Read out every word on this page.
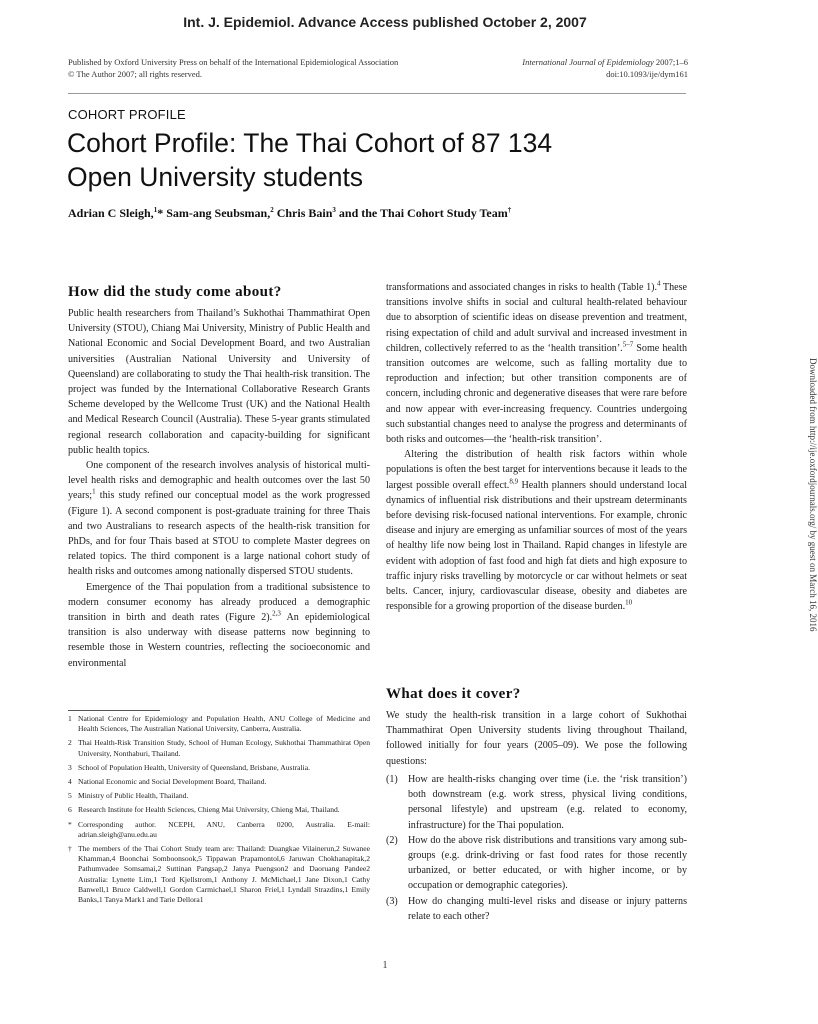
Int. J. Epidemiol. Advance Access published October 2, 2007
Published by Oxford University Press on behalf of the International Epidemiological Association
© The Author 2007; all rights reserved.
International Journal of Epidemiology 2007;1–6
doi:10.1093/ije/dym161
COHORT PROFILE
Cohort Profile: The Thai Cohort of 87 134
Open University students
Adrian C Sleigh,$^1$* Sam-ang Seubsman,$^2$ Chris Bain$^3$ and the Thai Cohort Study Team†
How did the study come about?

Public health researchers from Thailand’s Sukhothai Thammathirat Open University (STOU), Chiang Mai University, Ministry of Public Health and National Economic and Social Development Board, and two Australian universities (Australian National University and University of Queensland) are collaborating to study the Thai health-risk transition. The project was funded by the International Collaborative Research Grants Scheme developed by the Wellcome Trust (UK) and the National Health and Medical Research Council (Australia). These 5-year grants stimulated regional research collaboration and capacity-building for significant public health topics.

One component of the research involves analysis of historical multi-level health risks and demographic and health outcomes over the last 50 years;$^1$ this study refined our conceptual model as the work progressed (Figure 1). A second component is post-graduate training for three Thais and two Australians to research aspects of the health-risk transition for PhDs, and for four Thais based at STOU to complete Master degrees on related topics. The third component is a large national cohort study of health risks and outcomes among nationally dispersed STOU students.

Emergence of the Thai population from a traditional subsistence to modern consumer economy has already produced a demographic transition in birth and death rates (Figure 2).$^{2,3}$ An epidemiological transition is also underway with disease patterns now beginning to resemble those in Western countries, reflecting the socioeconomic and environmental

1 National Centre for Epidemiology and Population Health, ANU College of Medicine and Health Sciences, The Australian National University, Canberra, Australia.
2 Thai Health-Risk Transition Study, School of Human Ecology, Sukhothai Thammathirat Open University, Nonthaburi, Thailand.
3 School of Population Health, University of Queensland, Brisbane, Australia.
4 National Economic and Social Development Board, Thailand.
5 Ministry of Public Health, Thailand.
6 Research Institute for Health Sciences, Chieng Mai University, Chieng Mai, Thailand.
* Corresponding author. NCEPH, ANU, Canberra 0200, Australia. E-mail: adrian.sleigh@anu.edu.au
† The members of the Thai Cohort Study team are: Thailand: Duangkae Vilainerun,2 Suwanee Khamman,4 Boonchai Somboonsook,5 Tippawan Prapamontol,6 Jaruwan Chokhanapitak,2 Pathumvadee Somsamai,2 Suttinan Pangsap,2 Janya Puengson2 and Daoruang Pandee2 Australia: Lynette Lim,1 Tord Kjellstrom,1 Anthony J. McMichael,1 Jane Dixon,1 Cathy Banwell,1 Bruce Caldwell,1 Gordon Carmichael,1 Sharon Friel,1 Lyndall Strazdins,1 Emily Banks,1 Tanya Mark1 and Tarie Dellora1

transformations and associated changes in risks to health (Table 1).$^4$ These transitions involve shifts in social and cultural health-related behaviour due to absorption of scientific ideas on disease prevention and treatment, rising expectation of child and adult survival and increased investment in children, collectively referred to as the ‘health transition’.$^{5-7}$ Some health transition outcomes are welcome, such as falling mortality due to reproduction and infection; but other transition components are of concern, including chronic and degenerative diseases that were rare before and now appear with ever-increasing frequency. Countries undergoing such substantial changes need to analyse the progress and determinants of both risks and outcomes—the ‘health-risk transition’.

Altering the distribution of health risk factors within whole populations is often the best target for interventions because it leads to the largest possible overall effect.$^{8,9}$ Health planners should understand local dynamics of influential risk distributions and their upstream determinants before devising risk-focused national interventions. For example, chronic disease and injury are emerging as unfamiliar sources of most of the years of healthy life now being lost in Thailand. Rapid changes in lifestyle are evident with adoption of fast food and high fat diets and high exposure to traffic injury risks travelling by motorcycle or car without helmets or seat belts. Cancer, injury, cardiovascular disease, obesity and diabetes are responsible for a growing proportion of the disease burden.$^{10}$

What does it cover?
We study the health-risk transition in a large cohort of Sukhothai Thammathirat Open University students living throughout Thailand, followed initially for four years (2005–09). We pose the following questions:
(1)	How are health-risks changing over time (i.e. the ‘risk transition’) both downstream (e.g. work stress, physical living conditions, personal lifestyle) and upstream (e.g. related to economy, infrastructure) for the Thai population.
(2)	How do the above risk distributions and transitions vary among sub-groups (e.g. drink-driving or fast food rates for those recently urbanized, or better educated, or with higher income, or by occupation or demographic categories).
(3)	How do changing multi-level risks and disease or injury patterns relate to each other?
Downloaded from http://ije.oxfordjournals.org/ by guest on March 16, 2016
1
